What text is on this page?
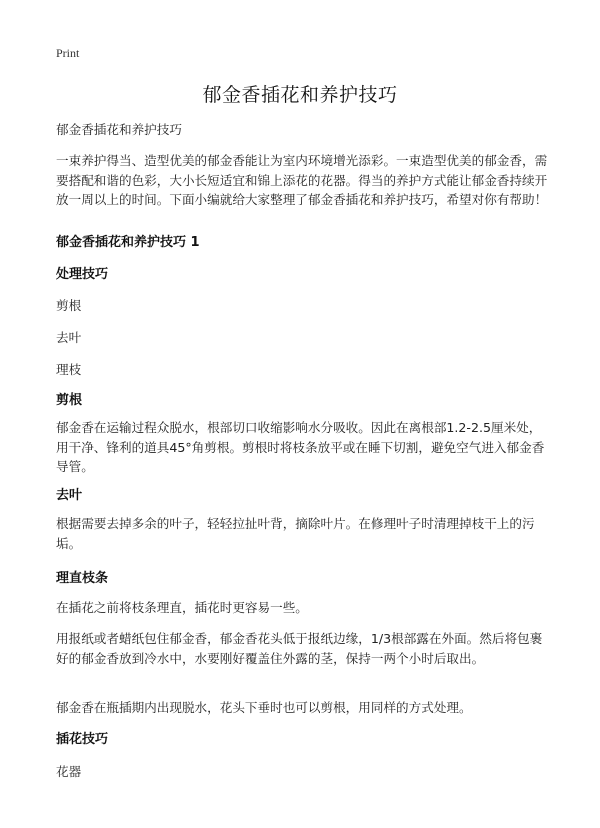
Print
郁金香插花和养护技巧

郁金香插花和养护技巧

一束养护得当、造型优美的郁金香能让为室内环境增光添彩。一束造型优美的郁金香，需要搭配和谐的色彩，大小长短适宜和锦上添花的花器。得当的养护方式能让郁金香持续开放一周以上的时间。下面小编就给大家整理了郁金香插花和养护技巧，希望对你有帮助！

郁金香插花和养护技巧 1

处理技巧

剪根

去叶

理枝

剪根

郁金香在运输过程众脱水，根部切口收缩影响水分吸收。因此在离根部1.2-2.5厘米处，用干净、锋利的道具45°角剪根。剪根时将枝条放平或在睡下切割，避免空气进入郁金香导管。

去叶

根据需要去掉多余的叶子，轻轻拉扯叶背，摘除叶片。在修理叶子时清理掉枝干上的污垢。

理直枝条

在插花之前将枝条理直，插花时更容易一些。

用报纸或者蜡纸包住郁金香，郁金香花头低于报纸边缘，1/3根部露在外面。然后将包裹好的郁金香放到冷水中，水要刚好覆盖住外露的茎，保持一两个小时后取出。

郁金香在瓶插期内出现脱水，花头下垂时也可以剪根，用同样的方式处理。

插花技巧

花器
